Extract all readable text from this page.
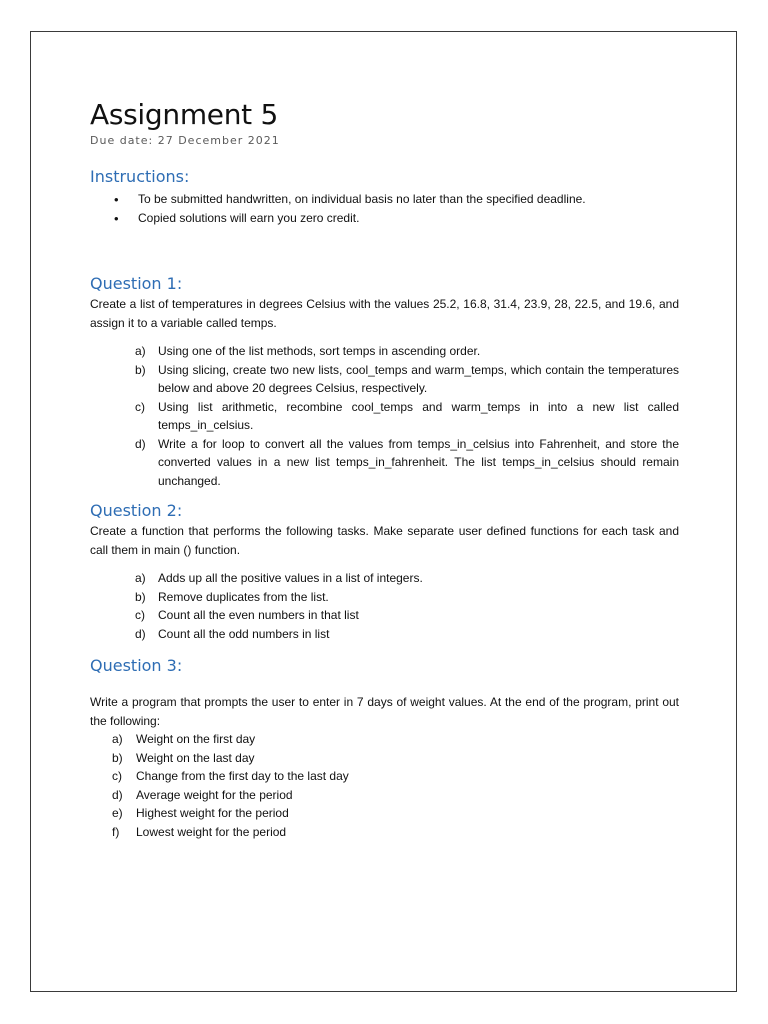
Assignment 5

Due date: 27 December 2021

Instructions:
• To be submitted handwritten, on individual basis no later than the specified deadline.
• Copied solutions will earn you zero credit.
Question 1:

Create a list of temperatures in degrees Celsius with the values 25.2, 16.8, 31.4, 23.9, 28, 22.5, and 19.6, and assign it to a variable called temps.

a) Using one of the list methods, sort temps in ascending order.
b) Using slicing, create two new lists, cool_temps and warm_temps, which contain the temperatures below and above 20 degrees Celsius, respectively.
c) Using list arithmetic, recombine cool_temps and warm_temps in into a new list called temps_in_celsius.
d) Write a for loop to convert all the values from temps_in_celsius into Fahrenheit, and store the converted values in a new list temps_in_fahrenheit. The list temps_in_celsius should remain unchanged.
Question 2:

Create a function that performs the following tasks. Make separate user defined functions for each task and call them in main () function.

a) Adds up all the positive values in a list of integers.
b) Remove duplicates from the list.
c) Count all the even numbers in that list
d) Count all the odd numbers in list
Question 3:

Write a program that prompts the user to enter in 7 days of weight values. At the end of the program, print out the following:

a) Weight on the first day
b) Weight on the last day
c) Change from the first day to the last day
d) Average weight for the period
e) Highest weight for the period
f) Lowest weight for the period
